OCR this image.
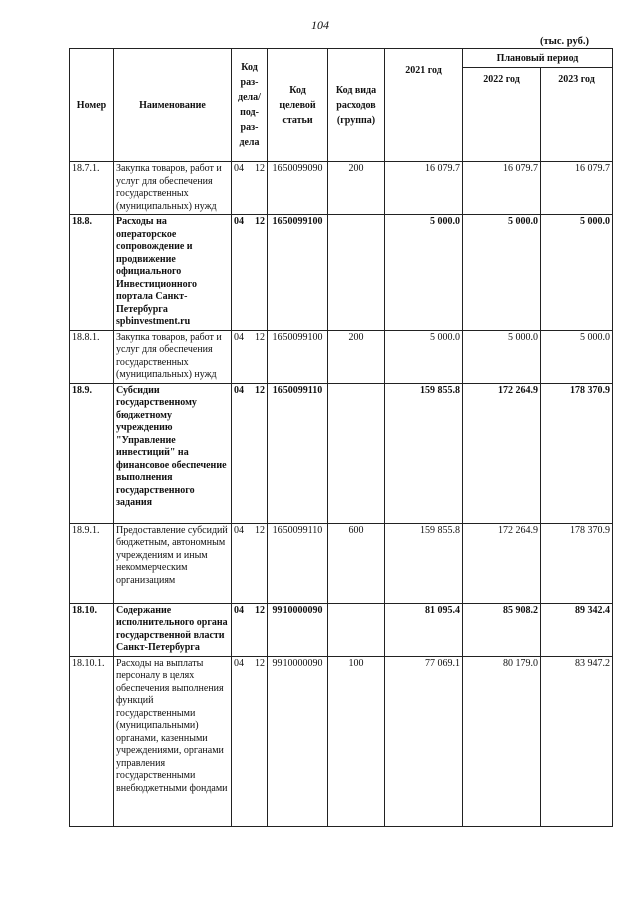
104
(тыс. руб.)
Номер	Наименование	Код раз-дела/ под-раз-дела	Код целевой статьи	Код вида расходов (группа)	2021 год	Плановый период	
						2022 год	2023 год
18.7.1.	Закупка товаров, работ и услуг для обеспечения государственных (муниципальных) нужд	04 12	1650099090	200	16 079.7	16 079.7	16 079.7
18.8.	Расходы на операторское сопровождение и продвижение официального Инвестиционного портала Санкт-Петербурга spbinvestment.ru	04 12	1650099100		5 000.0	5 000.0	5 000.0
18.8.1.	Закупка товаров, работ и услуг для обеспечения государственных (муниципальных) нужд	04 12	1650099100	200	5 000.0	5 000.0	5 000.0
18.9.	Субсидии государственному бюджетному учреждению "Управление инвестиций" на финансовое обеспечение выполнения государственного задания	04 12	1650099110		159 855.8	172 264.9	178 370.9
18.9.1.	Предоставление субсидий бюджетным, автономным учреждениям и иным некоммерческим организациям	04 12	1650099110	600	159 855.8	172 264.9	178 370.9
18.10.	Содержание исполнительного органа государственной власти Санкт-Петербурга	04 12	9910000090		81 095.4	85 908.2	89 342.4
18.10.1.	Расходы на выплаты персоналу в целях обеспечения выполнения функций государственными (муниципальными) органами, казенными учреждениями, органами управления государственными внебюджетными фондами	04 12	9910000090	100	77 069.1	80 179.0	83 947.2
